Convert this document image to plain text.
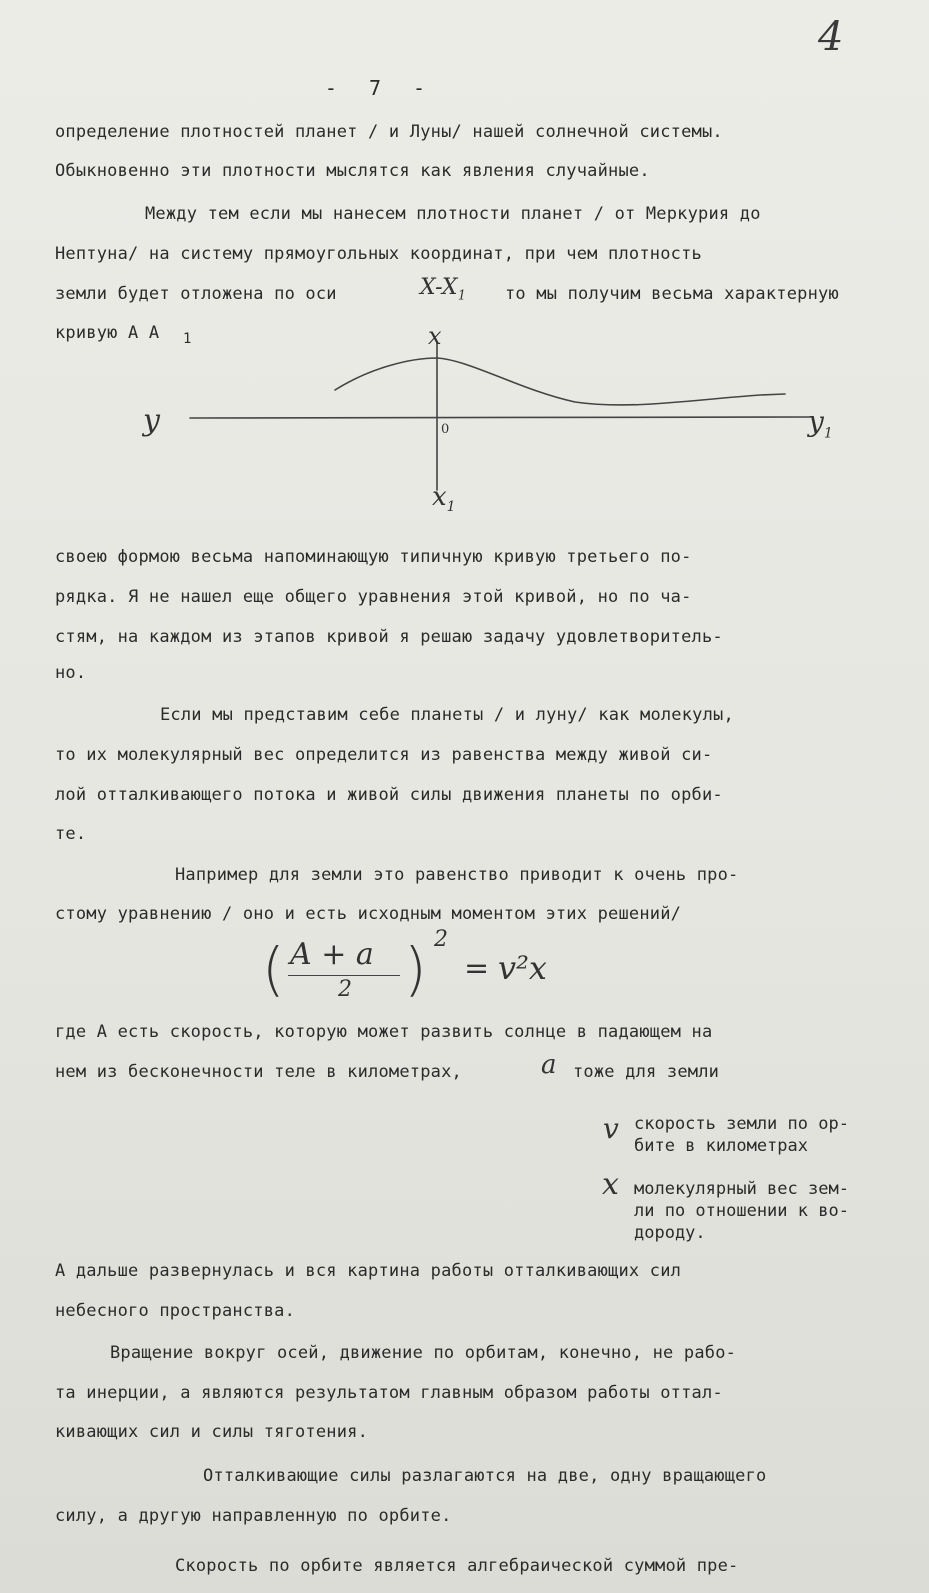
4
- 7 -
определение плотностей планет / и Луны/ нашей солнечной системы.
Обыкновенно эти плотности мыслятся как явления случайные.
Между тем если мы нанесем плотности планет / от Меркурия до
Нептуна/ на систему прямоугольных координат, при чем плотность
земли будет отложена по оси	$X-X_1$ то мы получим весьма характерную
кривую А А 1	x
y	$y_1$
0
$x_1$
своею формою весьма напоминающую типичную кривую третьего по-
рядка. Я не нашел еще общего уравнения этой кривой, но по ча-
стям, на каждом из этапов кривой я решаю задачу удовлетворитель-
но.
Если мы представим себе планеты / и луну/ как молекулы,
то их молекулярный вес определится из равенства между живой си-
лой отталкивающего потока и живой силы движения планеты по орби-
те.
Например для земли это равенство приводит к очень про-
стому уравнению / оно и есть исходным моментом этих решений/
( A + a
2 ) 2
= v²x
где А есть скорость, которую может развить солнце в падающем на
нем из бесконечности теле в километрах,	a тоже для земли
v скорость земли по ор-
бите в километрах
x молекулярный вес зем-
ли по отношении к во-
дороду.
А дальше развернулась и вся картина работы отталкивающих сил
небесного пространства.
Вращение вокруг осей, движение по орбитам, конечно, не рабо-
та инерции, а являются результатом главным образом работы оттал-
кивающих сил и силы тяготения.
Отталкивающие силы разлагаются на две, одну вращающего
силу, а другую направленную по орбите.
Скорость по орбите является алгебраической суммой пре-
